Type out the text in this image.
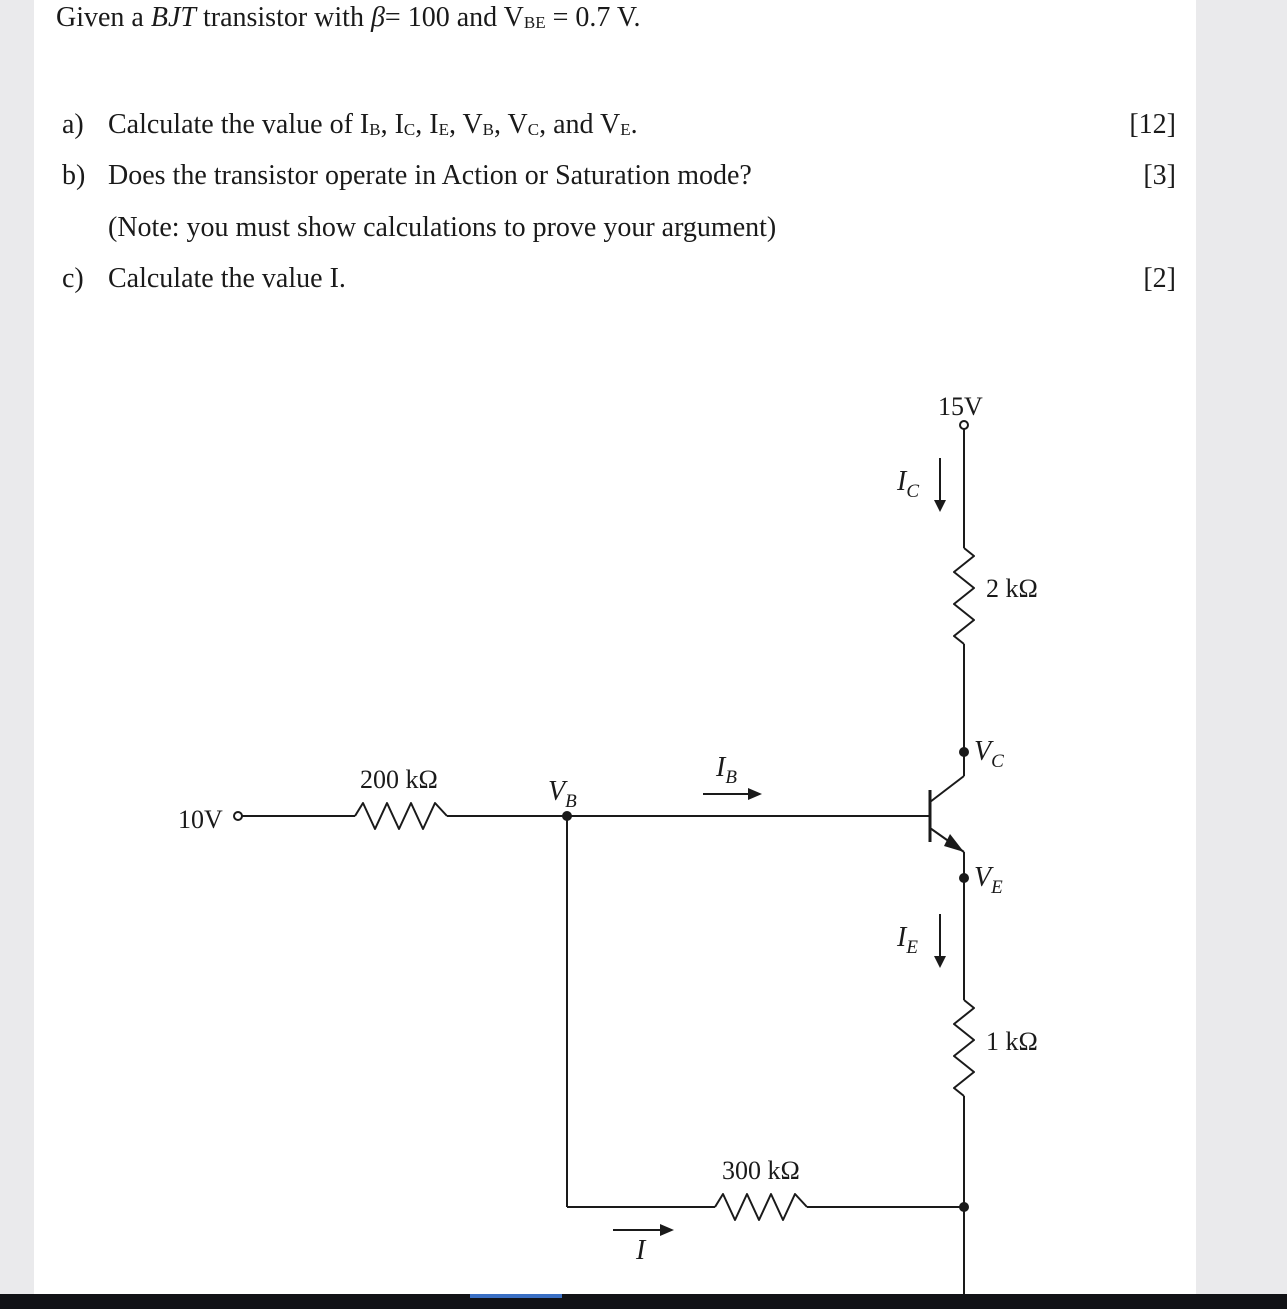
Given a BJT transistor with β= 100 and $V_{BE} = 0.7$ V.
a) Calculate the value of $I_B$, $I_C$, $I_E$, $V_B$, $V_C$, and $V_E$.	[12]
b) Does the transistor operate in Action or Saturation mode?	[3]
(Note: you must show calculations to prove your argument)
c) Calculate the value I.	[2]
15V
10V
2 kΩ
1 kΩ
200 kΩ
300 kΩ
$I_C$
$I_E$
$I_B$
$V_B$
$V_C$
$V_E$
I
